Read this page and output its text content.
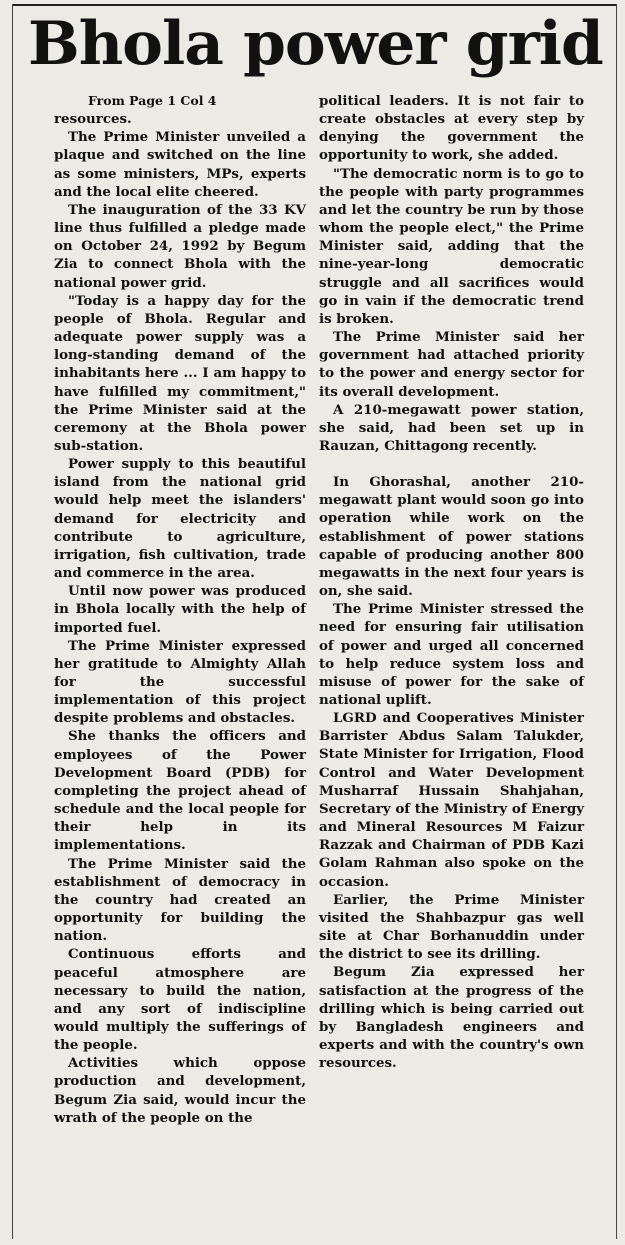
Bhola power grid
From Page 1 Col 4

resources.

The Prime Minister unveiled a plaque and switched on the line as some ministers, MPs, experts and the local elite cheered.

The inauguration of the 33 KV line thus fulfilled a pledge made on October 24, 1992 by Begum Zia to connect Bhola with the national power grid.

"Today is a happy day for the people of Bhola. Regular and adequate power supply was a long-standing demand of the inhabitants here ... I am happy to have fulfilled my commitment," the Prime Minister said at the ceremony at the Bhola power sub-station.

Power supply to this beautiful island from the national grid would help meet the islanders' demand for electricity and contribute to agriculture, irrigation, fish cultivation, trade and commerce in the area.

Until now power was produced in Bhola locally with the help of imported fuel.

The Prime Minister expressed her gratitude to Almighty Allah for the successful implementation of this project despite problems and obstacles.

She thanks the officers and employees of the Power Development Board (PDB) for completing the project ahead of schedule and the local people for their help in its implementations.

The Prime Minister said the establishment of democracy in the country had created an opportunity for building the nation.

Continuous efforts and peaceful atmosphere are necessary to build the nation, and any sort of indiscipline would multiply the sufferings of the people.

Activities which oppose production and development, Begum Zia said, would incur the wrath of the people on the

political leaders. It is not fair to create obstacles at every step by denying the government the opportunity to work, she added.

"The democratic norm is to go to the people with party programmes and let the country be run by those whom the people elect," the Prime Minister said, adding that the nine-year-long democratic struggle and all sacrifices would go in vain if the democratic trend is broken.

The Prime Minister said her government had attached priority to the power and energy sector for its overall development.

A 210-megawatt power station, she said, had been set up in Rauzan, Chittagong recently.

In Ghorashal, another 210-megawatt plant would soon go into operation while work on the establishment of power stations capable of producing another 800 megawatts in the next four years is on, she said.

The Prime Minister stressed the need for ensuring fair utilisation of power and urged all concerned to help reduce system loss and misuse of power for the sake of national uplift.

LGRD and Cooperatives Minister Barrister Abdus Salam Talukder, State Minister for Irrigation, Flood Control and Water Development Musharraf Hussain Shahjahan, Secretary of the Ministry of Energy and Mineral Resources M Faizur Razzak and Chairman of PDB Kazi Golam Rahman also spoke on the occasion.

Earlier, the Prime Minister visited the Shahbazpur gas well site at Char Borhanuddin under the district to see its drilling.

Begum Zia expressed her satisfaction at the progress of the drilling which is being carried out by Bangladesh engineers and experts and with the country's own resources.
